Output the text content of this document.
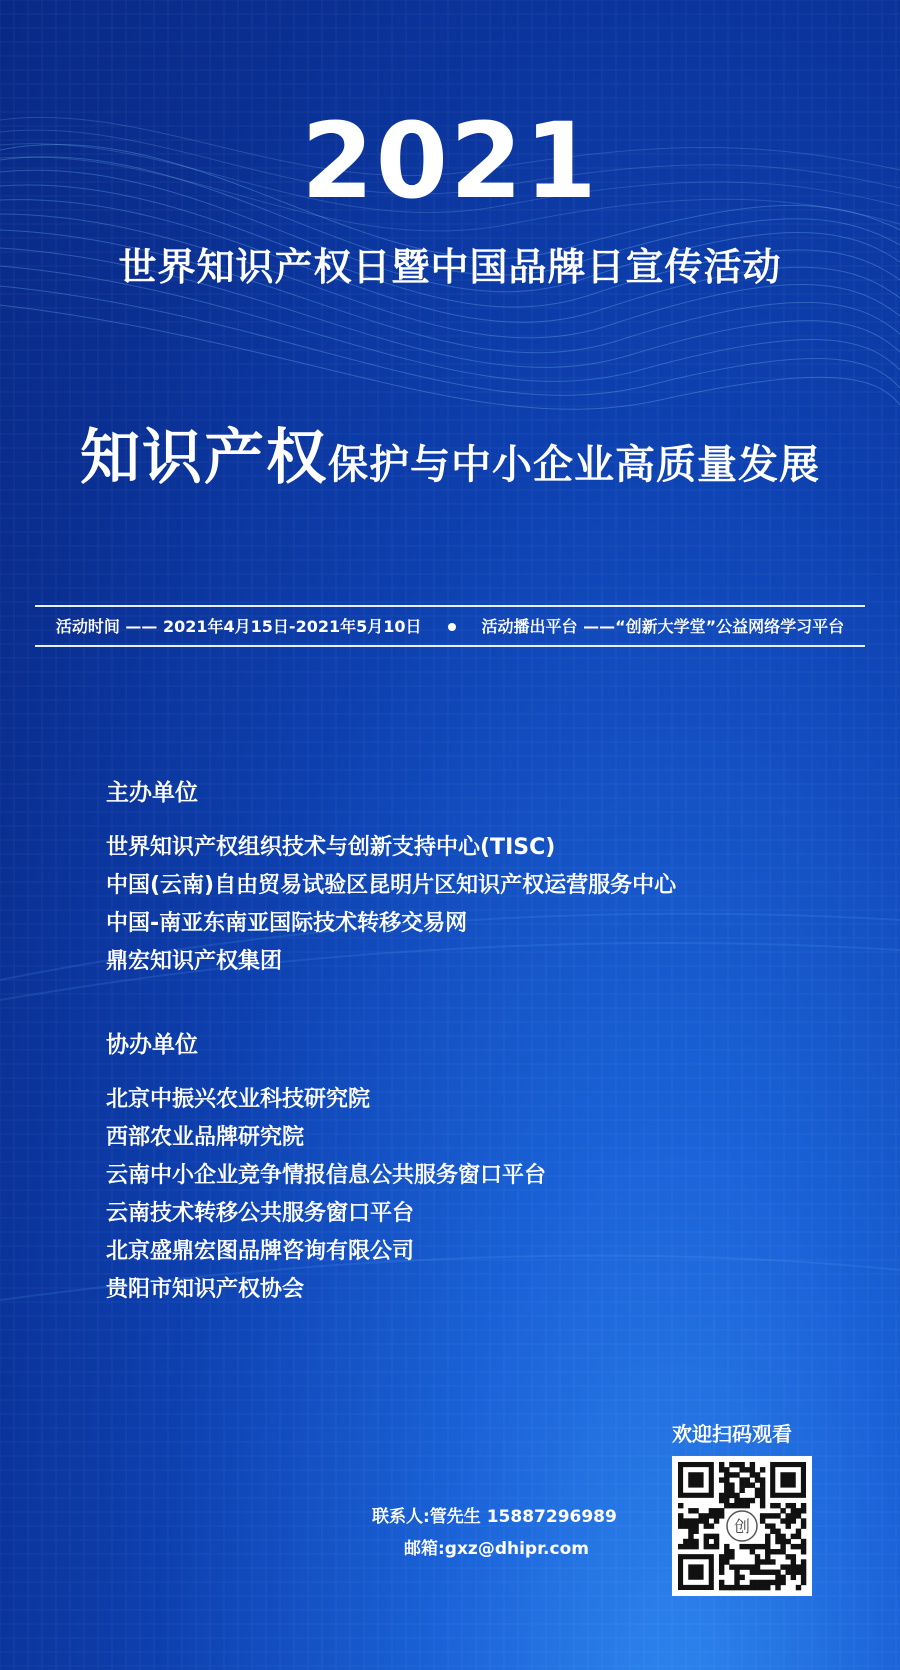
2021
世界知识产权日暨中国品牌日宣传活动
知识产权保护与中小企业高质量发展
活动时间 —— 2021年4月15日-2021年5月10日	活动播出平台 ——“创新大学堂”公益网络学习平台
主办单位
世界知识产权组织技术与创新支持中心(TISC)
中国(云南)自由贸易试验区昆明片区知识产权运营服务中心
中国-南亚东南亚国际技术转移交易网
鼎宏知识产权集团
协办单位
北京中振兴农业科技研究院
西部农业品牌研究院
云南中小企业竞争情报信息公共服务窗口平台
云南技术转移公共服务窗口平台
北京盛鼎宏图品牌咨询有限公司
贵阳市知识产权协会
联系人:管先生 15887296989
邮箱:gxz@dhipr.com
欢迎扫码观看
创
